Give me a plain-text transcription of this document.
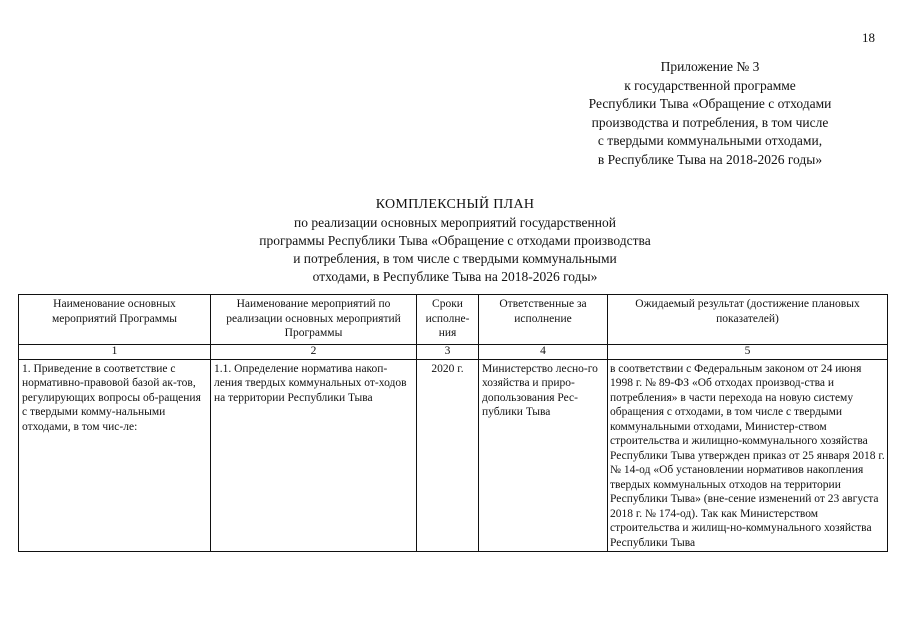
18
Приложение № 3
к государственной программе
Республики Тыва «Обращение с отходами
производства и потребления, в том числе
с твердыми коммунальными отходами,
в Республике Тыва на 2018-2026 годы»
КОМПЛЕКСНЫЙ ПЛАН
по реализации основных мероприятий государственной
программы Республики Тыва «Обращение с отходами производства
и потребления, в том числе с твердыми коммунальными
отходами, в Республике Тыва на 2018-2026 годы»
Наименование основных мероприятий Программы	Наименование мероприятий по реализации основных мероприятий Программы	Сроки исполне-ния	Ответственные за исполнение	Ожидаемый результат (достижение плановых показателей)
1	2	3	4	5
1. Приведение в соответствие с нормативно-правовой базой ак-тов, регулирующих вопросы об-ращения с твердыми комму-нальными отходами, в том чис-ле:	1.1. Определение норматива накоп-ления твердых коммунальных от-ходов на территории Республики Тыва	2020 г.	Министерство лесно-го хозяйства и приро-допользования Рес-публики Тыва	в соответствии с Федеральным законом от 24 июня 1998 г. № 89-ФЗ «Об отходах производ-ства и потребления» в части перехода на новую систему обращения с отходами, в том числе с твердыми коммунальными отходами, Министер-ством строительства и жилищно-коммунального хозяйства Республики Тыва утвержден приказ от 25 января 2018 г. № 14-од «Об установлении нормативов накопления твердых коммунальных отходов на территории Республики Тыва» (вне-сение изменений от 23 августа 2018 г. № 174-од). Так как Министерством строительства и жилищ-но-коммунального хозяйства Республики Тыва
